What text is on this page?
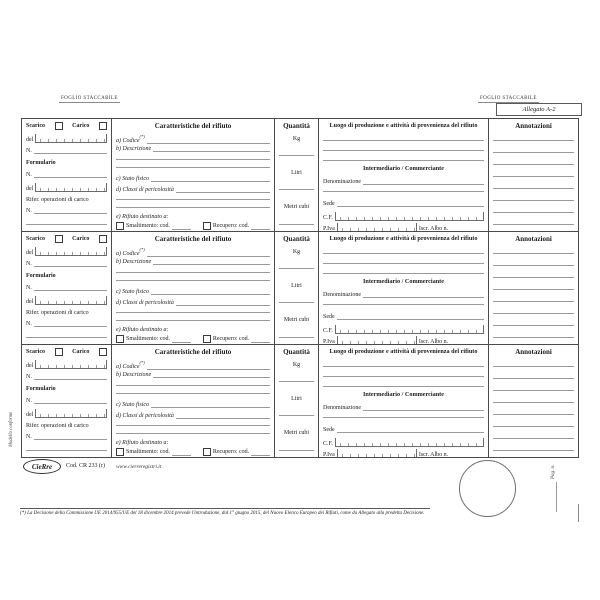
FOGLIO STACCABILE	FOGLIO STACCABILE
Allegato A-2
Modello conforme
Scarico	Carico
del
N.
Formulario
N.
del
Rifer. operazioni di carico
N.
Caratteristiche del rifiuto
a) Codice(*)
b) Descrizione
c) Stato fisico
d) Classi di pericolosità
e) Rifiuto destinato a:
Smaltimento: cod.	Recupero: cod.
Quantità
Kg
Litri
Metri cubi
Luogo di produzione e attività di provenienza del rifiuto
Intermediario / Commerciante
Denominazione
Sede
C.F.
P.Iva	Iscr. Albo n.
Annotazioni
Scarico	Carico
del
N.
Formulario
N.
del
Rifer. operazioni di carico
N.
Caratteristiche del rifiuto
a) Codice(*)
b) Descrizione
c) Stato fisico
d) Classi di pericolosità
e) Rifiuto destinato a:
Smaltimento: cod.	Recupero: cod.
Quantità
Kg
Litri
Metri cubi
Luogo di produzione e attività di provenienza del rifiuto
Intermediario / Commerciante
Denominazione
Sede
C.F.
P.Iva	Iscr. Albo n.
Annotazioni
Scarico	Carico
del
N.
Formulario
N.
del
Rifer. operazioni di carico
N.
Caratteristiche del rifiuto
a) Codice(*)
b) Descrizione
c) Stato fisico
d) Classi di pericolosità
e) Rifiuto destinato a:
Smaltimento: cod.	Recupero: cod.
Quantità
Kg
Litri
Metri cubi
Luogo di produzione e attività di provenienza del rifiuto
Intermediario / Commerciante
Denominazione
Sede
C.F.
P.Iva	Iscr. Albo n.
Annotazioni
CieRre Cod. CR 233 (r) www.cierreregistri.it	Pag. n.
(*) La Decisione della Commissione UE 2014/955/UE del 18 dicembre 2014 prevede l'introduzione, dal 1° giugno 2015, del Nuovo Elenco Europeo dei Rifiuti, come da Allegato alla predetta Decisione.
